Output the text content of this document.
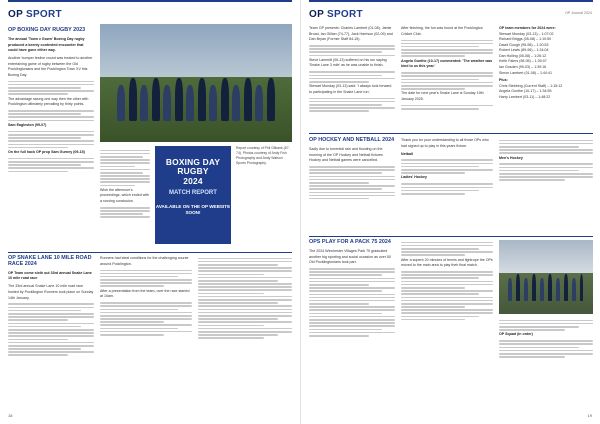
OP SPORT
OP BOXING DAY RUGBY 2023

The annual 'Town v Gown' Boxing Day rugby produced a keenly contested encounter that could have gone either way.

Another bumper festive crowd was treated to another entertaining game of rugby between the Old Pocklingtonians and the Pocklington Town XV this Boxing Day.

The advantage swung one way then the other with Pocklington ultimately prevailing by thirty points.

Sam Eagleston (99-07)

On the full hack OP prop Sam Gurney (09-15)

Wish the afternoon's proceedings, which ended with a rousing conclusion.

Report courtesy of Phil Gilbank (67-74). Photos courtesy of Andy Fish Photography and Andy Watson Sports Photography.
BOXING DAY RUGBY
2024
MATCH REPORT
AVAILABLE ON THE OP WEBSITE SOON!
OP SNAKE LANE 10 MILE ROAD RACE 2024

OP Team come sixth out 33rd annual Snake Lane 10 mile road race

The 33rd annual Snake Lane 10 mile road race hosted by Pocklington Runners took place on Sunday 14th January.

Runners had ideal conditions for the challenging course around Pocklington.

After a presentation from the team, over the race started at 10am.

18
OP SPORT	OP Journal 2024

Team OP presents: Charles Lambert (01-08), Jamie Broad, Ian Gillian (74-77), Jack Harrison (02-09) and Dan Bryan (Former Staff 84-15).

Steve Lammitt (06-13) suffered on his run saying 'Snake Lane 3 mile' as he was unable to finish.

Stewart Munday (03-13) said: 'I always look forward to participating in the Snake Lane run.'

After finishing, the fun was found at the Pocklington Cricket Club.

Angela Gunthe (10-17) commented: 'The weather was kind to us this year.'

The date for next year's Snake Lane is Sunday 19th January 2025.

OP team members for 2024 were:
Stewart Munday (03-13) – 1:07:02
Richard Briggs (05-08) – 1:10:50
David Gough (95-98) – 1:20:53
Robert Lewis (89-96) – 1:24:04
Dan Holling (05-08) – 1:26:12
Keith Faiers (98-05) – 1:30:07
Ian Gosden (99-03) – 1:39:16
Simon Lambert (01-08) – 1:44:41
Plus:
Chris Stebbing (Current Staff) – 1:15:12
Angela Gunthe (10-17) – 1:34:55
Harry Lambert (03-11) – 1:48:22
OP HOCKEY AND NETBALL 2024

Sadly due to torrential rain and flooding on the morning of the OP Hockey and Netball fixtures Hockey and Netball games were cancelled.

Thank you for your understanding to all those OPs who had signed up to play in this years fixture.

Netball

Ladies' Hockey

Men's Hockey

OPS PLAY FOR A PACK 75 2024

The 2024 Winchester Villages Park 75 graduated another big sporting and social occasion as over 50 Old Pocklingtonians took part.

After a superb 20 minutes of tennis and tightrope the OPs moved to the main area to play their final match.

OP Squad (in order)

19
